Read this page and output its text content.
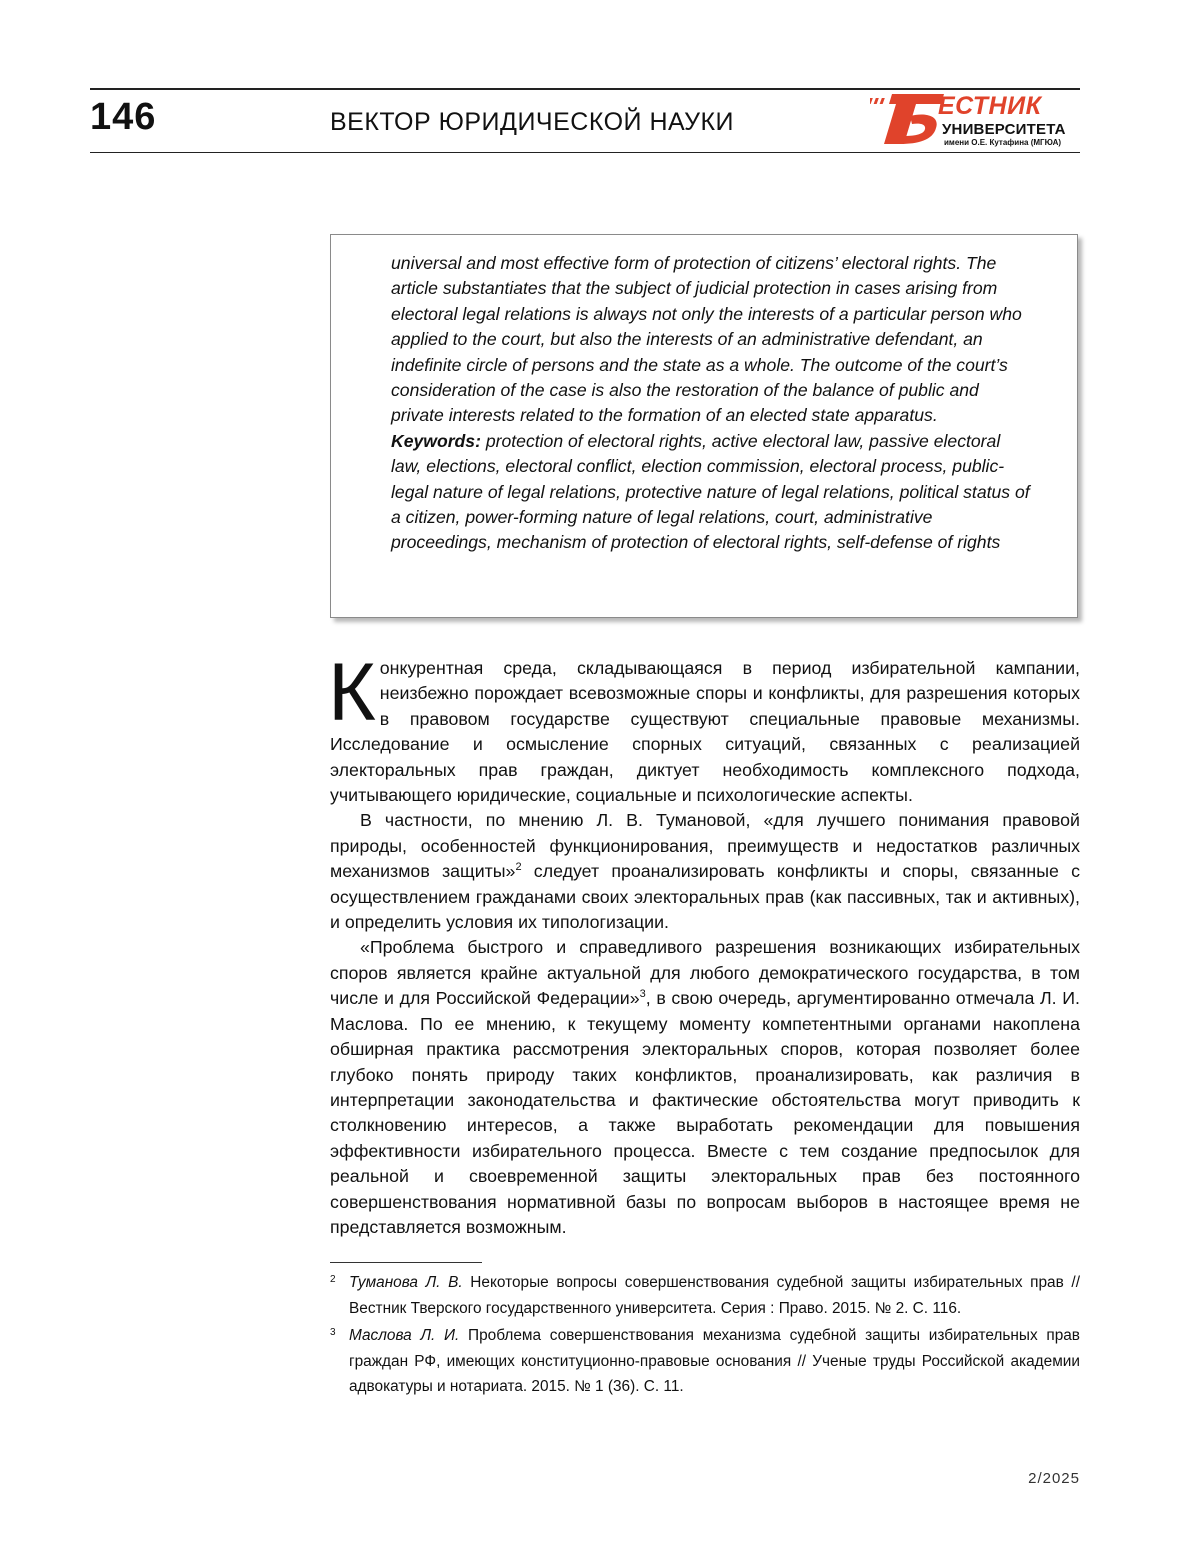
146	ВЕКТОР ЮРИДИЧЕСКОЙ НАУКИ
ЕСТНИК
УНИВЕРСИТЕТА
имени О.Е. Кутафина (МГЮА)

universal and most effective form of protection of citizens’ electoral rights. The article substantiates that the subject of judicial protection in cases arising from electoral legal relations is always not only the interests of a particular person who applied to the court, but also the interests of an administrative defendant, an indefinite circle of persons and the state as a whole. The outcome of the court’s consideration of the case is also the restoration of the balance of public and private interests related to the formation of an elected state apparatus.

Keywords: protection of electoral rights, active electoral law, passive electoral law, elections, electoral conflict, election commission, electoral process, public-legal nature of legal relations, protective nature of legal relations, political status of a citizen, power-forming nature of legal relations, court, administrative proceedings, mechanism of protection of electoral rights, self-defense of rights

К онкурентная среда, складывающаяся в период избирательной кампании, неизбежно порождает всевозможные споры и конфликты, для разрешения которых в правовом государстве существуют специальные правовые механизмы. Исследование и осмысление спорных ситуаций, связанных с реализацией электоральных прав граждан, диктует необходимость комплексного подхода, учитывающего юридические, социальные и психологические аспекты.

В частности, по мнению Л. В. Тумановой, «для лучшего понимания правовой природы, особенностей функционирования, преимуществ и недостатков различных механизмов защиты»2 следует проанализировать конфликты и споры, связанные с осуществлением гражданами своих электоральных прав (как пассивных, так и активных), и определить условия их типологизации.

«Проблема быстрого и справедливого разрешения возникающих избирательных споров является крайне актуальной для любого демократического государства, в том числе и для Российской Федерации»3, в свою очередь, аргументированно отмечала Л. И. Маслова. По ее мнению, к текущему моменту компетентными органами накоплена обширная практика рассмотрения электоральных споров, которая позволяет более глубоко понять природу таких конфликтов, проанализировать, как различия в интерпретации законодательства и фактические обстоятельства могут приводить к столкновению интересов, а также выработать рекомендации для повышения эффективности избирательного процесса. Вместе с тем создание предпосылок для реальной и своевременной защиты электоральных прав без постоянного совершенствования нормативной базы по вопросам выборов в настоящее время не представляется возможным.

2 Туманова Л. В. Некоторые вопросы совершенствования судебной защиты избирательных прав // Вестник Тверского государственного университета. Серия : Право. 2015. № 2. С. 116.
3 Маслова Л. И. Проблема совершенствования механизма судебной защиты избирательных прав граждан РФ, имеющих конституционно-правовые основания // Ученые труды Российской академии адвокатуры и нотариата. 2015. № 1 (36). С. 11.
2/2025
